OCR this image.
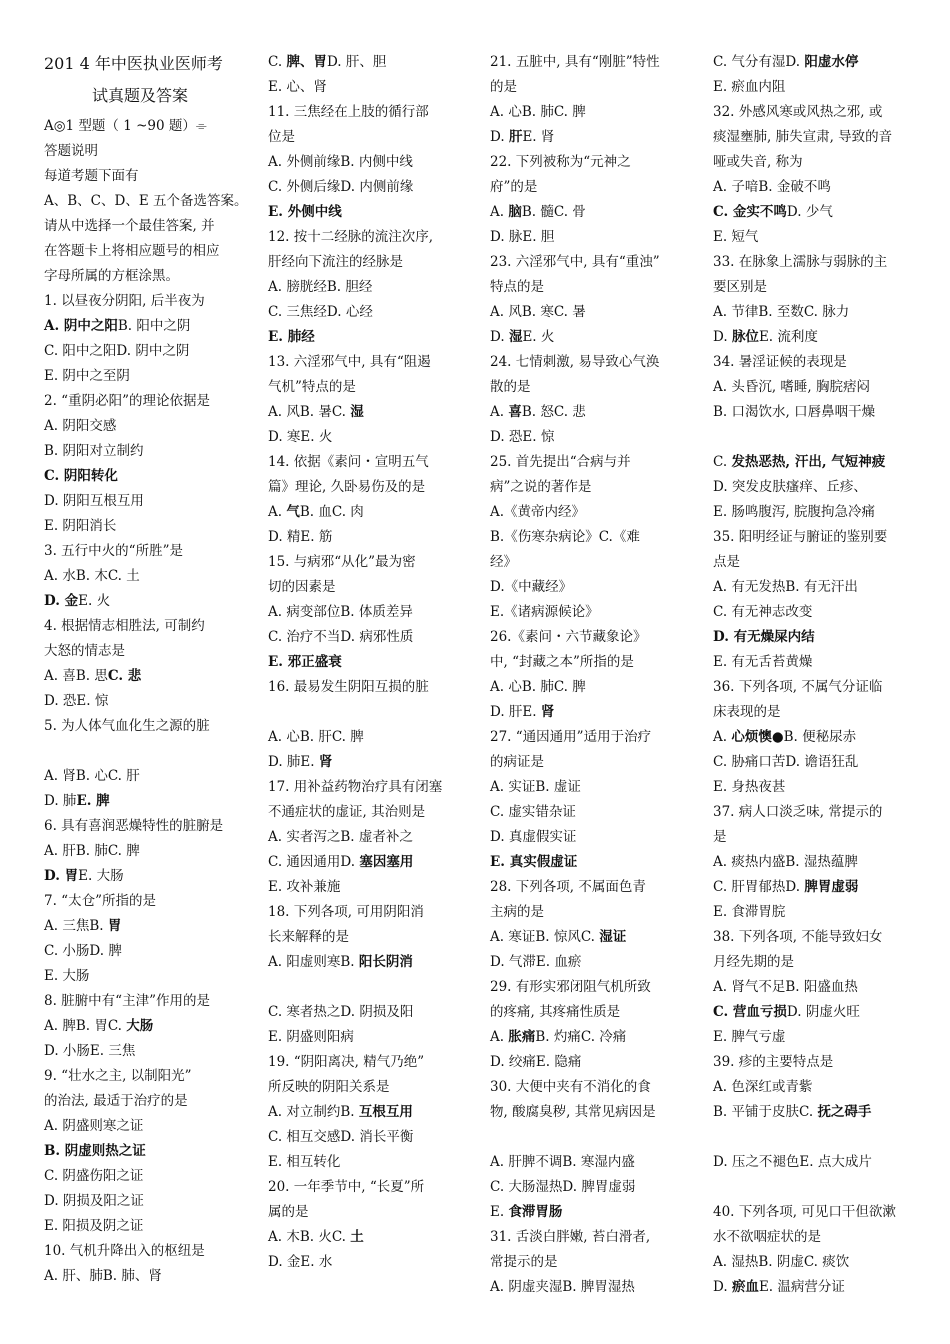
201 4 年中医执业医师考
试真题及答案
A◎1 型题（ 1 ~90 题）⌯
答题说明
每道考题下面有
A、B、C、D、E 五个备选答案。
请从中选择一个最佳答案, 并
在答题卡上将相应题号的相应
字母所属的方框涂黑。
1. 以昼夜分阴阳, 后半夜为
A. 阴中之阳B. 阳中之阴
C. 阳中之阳D. 阴中之阴
E. 阴中之至阴
2. “重阴必阳”的理论依据是
A. 阴阳交感
B. 阴阳对立制约
C. 阴阳转化
D. 阴阳互根互用
E. 阴阳消长
3. 五行中火的“所胜”是
A. 水B. 木C. 土
D. 金E. 火
4. 根据情志相胜法, 可制约
大怒的情志是
A. 喜B. 思C. 悲
D. 恐E. 惊
5. 为人体气血化生之源的脏
A. 肾B. 心C. 肝
D. 肺E. 脾
6. 具有喜润恶燥特性的脏腑是
A. 肝B. 肺C. 脾
D. 胃E. 大肠
7. “太仓”所指的是
A. 三焦B. 胃
C. 小肠D. 脾
E. 大肠
8. 脏腑中有“主津”作用的是
A. 脾B. 胃C. 大肠
D. 小肠E. 三焦
9. “壮水之主, 以制阳光”
的治法, 最适于治疗的是
A. 阴盛则寒之证
B. 阴虚则热之证
C. 阴盛伤阳之证
D. 阴损及阳之证
E. 阳损及阴之证
10. 气机升降出入的枢纽是
A. 肝、肺B. 肺、肾
C. 脾、胃D. 肝、胆
E. 心、肾
11. 三焦经在上肢的循行部
位是
A. 外侧前缘B. 内侧中线
C. 外侧后缘D. 内侧前缘
E. 外侧中线
12. 按十二经脉的流注次序,
肝经向下流注的经脉是
A. 膀胱经B. 胆经
C. 三焦经D. 心经
E. 肺经
13. 六淫邪气中, 具有“阻遏
气机”特点的是
A. 风B. 暑C. 湿
D. 寒E. 火
14. 依据《素问・宣明五气
篇》理论, 久卧易伤及的是
A. 气B. 血C. 肉
D. 精E. 筋
15. 与病邪“从化”最为密
切的因素是
A. 病变部位B. 体质差异
C. 治疗不当D. 病邪性质
E. 邪正盛衰
16. 最易发生阴阳互损的脏
A. 心B. 肝C. 脾
D. 肺E. 肾
17. 用补益药物治疗具有闭塞
不通症状的虚证, 其治则是
A. 实者泻之B. 虚者补之
C. 通因通用D. 塞因塞用
E. 攻补兼施
18. 下列各项, 可用阴阳消
长来解释的是
A. 阳虚则寒B. 阳长阴消
C. 寒者热之D. 阴损及阳
E. 阴盛则阳病
19. “阴阳离决, 精气乃绝”
所反映的阴阳关系是
A. 对立制约B. 互根互用
C. 相互交感D. 消长平衡
E. 相互转化
20. 一年季节中, “长夏”所
属的是
A. 木B. 火C. 土
D. 金E. 水
21. 五脏中, 具有“刚脏”特性
的是
A. 心B. 肺C. 脾
D. 肝E. 肾
22. 下列被称为“元神之
府”的是
A. 脑B. 髓C. 骨
D. 脉E. 胆
23. 六淫邪气中, 具有“重浊”
特点的是
A. 风B. 寒C. 暑
D. 湿E. 火
24. 七情刺激, 易导致心气涣
散的是
A. 喜B. 怒C. 悲
D. 恐E. 惊
25. 首先提出“合病与并
病”之说的著作是
A.《黄帝内经》
B.《伤寒杂病论》C.《难
经》
D.《中藏经》
E.《诸病源候论》
26.《素问・六节藏象论》
中, “封藏之本”所指的是
A. 心B. 肺C. 脾
D. 肝E. 肾
27. “通因通用”适用于治疗
的病证是
A. 实证B. 虚证
C. 虚实错杂证
D. 真虚假实证
E. 真实假虚证
28. 下列各项, 不属面色青
主病的是
A. 寒证B. 惊风C. 湿证
D. 气滞E. 血瘀
29. 有形实邪闭阻气机所致
的疼痛, 其疼痛性质是
A. 胀痛B. 灼痛C. 冷痛
D. 绞痛E. 隐痛
30. 大便中夹有不消化的食
物, 酸腐臭秽, 其常见病因是
A. 肝脾不调B. 寒湿内盛
C. 大肠湿热D. 脾胃虚弱
E. 食滞胃肠
31. 舌淡白胖嫩, 苔白滑者,
常提示的是
A. 阴虚夹湿B. 脾胃湿热
C. 气分有湿D. 阳虚水停
E. 瘀血内阻
32. 外感风寒或风热之邪, 或
痰湿壅肺, 肺失宣肃, 导致的音
哑或失音, 称为
A. 子喑B. 金破不鸣
C. 金实不鸣D. 少气
E. 短气
33. 在脉象上濡脉与弱脉的主
要区别是
A. 节律B. 至数C. 脉力
D. 脉位E. 流利度
34. 暑淫证候的表现是
A. 头昏沉, 嗜睡, 胸脘痞闷
B. 口渴饮水, 口唇鼻咽干燥
C. 发热恶热, 汗出, 气短神疲
D. 突发皮肤瘙痒、丘疹、
E. 肠鸣腹泻, 脘腹拘急冷痛
35. 阳明经证与腑证的鉴别要
点是
A. 有无发热B. 有无汗出
C. 有无神志改变
D. 有无燥屎内结
E. 有无舌苔黄燥
36. 下列各项, 不属气分证临
床表现的是
A. 心烦懊●B. 便秘尿赤
C. 胁痛口苦D. 谵语狂乱
E. 身热夜甚
37. 病人口淡乏味, 常提示的
是
A. 痰热内盛B. 湿热蕴脾
C. 肝胃郁热D. 脾胃虚弱
E. 食滞胃脘
38. 下列各项, 不能导致妇女
月经先期的是
A. 肾气不足B. 阳盛血热
C. 营血亏损D. 阴虚火旺
E. 脾气亏虚
39. 疹的主要特点是
A. 色深红或青紫
B. 平铺于皮肤C. 抚之碍手
D. 压之不褪色E. 点大成片
40. 下列各项, 可见口干但欲漱
水不欲咽症状的是
A. 湿热B. 阴虚C. 痰饮
D. 瘀血E. 温病营分证
